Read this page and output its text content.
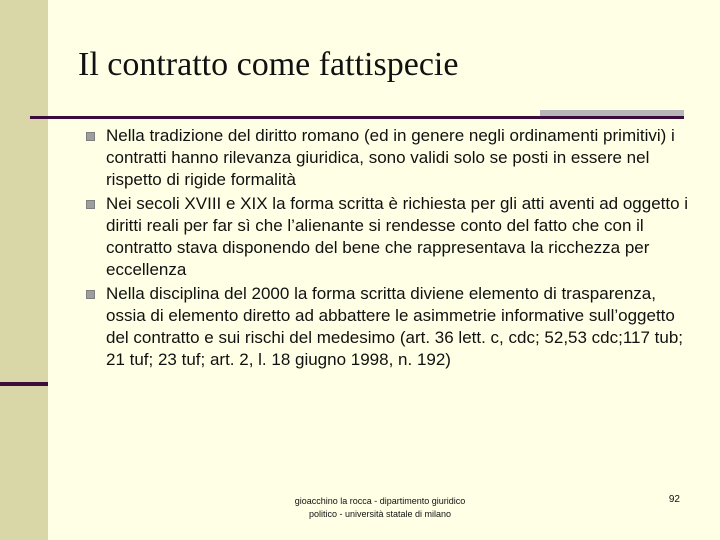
Il contratto come fattispecie
Nella tradizione del diritto romano (ed in genere negli ordinamenti primitivi) i contratti hanno rilevanza giuridica, sono validi solo se posti in essere nel rispetto di rigide formalità
Nei secoli XVIII e XIX la forma scritta è richiesta per gli atti aventi ad oggetto i diritti reali per far sì che l’alienante si rendesse conto del fatto che con il contratto stava disponendo del bene che rappresentava la ricchezza per eccellenza
Nella disciplina del 2000 la forma scritta diviene elemento di trasparenza, ossia di elemento diretto ad abbattere le asimmetrie informative sull’oggetto del contratto e sui rischi del medesimo (art. 36 lett. c, cdc; 52,53 cdc;117 tub; 21 tuf; 23 tuf; art. 2, l. 18 giugno 1998, n. 192)
gioacchino la rocca - dipartimento giuridico politico - università statale di milano
92
